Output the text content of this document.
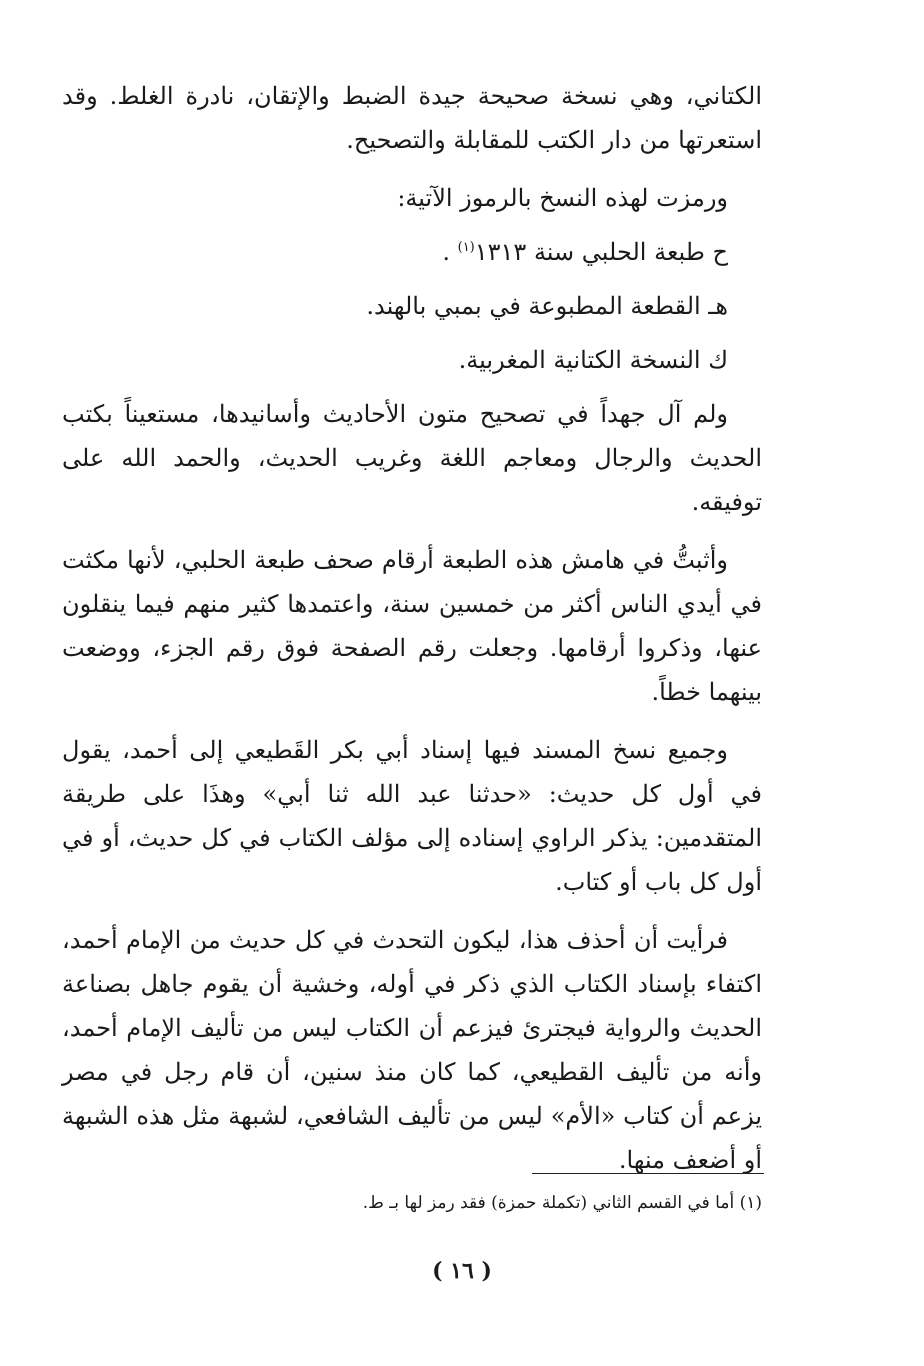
الكتاني، وهي نسخة صحيحة جيدة الضبط والإتقان، نادرة الغلط. وقد استعرتها من دار الكتب للمقابلة والتصحيح.

ورمزت لهذه النسخ بالرموز الآتية:

ح طبعة الحلبي سنة ١٣١٣$^{(١)}$ .

هـ القطعة المطبوعة في بمبي بالهند.

ك النسخة الكتانية المغربية.

ولم آل جهداً في تصحيح متون الأحاديث وأسانيدها، مستعيناً بكتب الحديث والرجال ومعاجم اللغة وغريب الحديث، والحمد الله على توفيقه.

وأثبتُّ في هامش هذه الطبعة أرقام صحف طبعة الحلبي، لأنها مكثت في أيدي الناس أكثر من خمسين سنة، واعتمدها كثير منهم فيما ينقلون عنها، وذكروا أرقامها. وجعلت رقم الصفحة فوق رقم الجزء، ووضعت بينهما خطاً.

وجميع نسخ المسند فيها إسناد أبي بكر القَطيعي إلى أحمد، يقول في أول كل حديث: «حدثنا عبد الله ثنا أبي» وهذَا على طريقة المتقدمين: يذكر الراوي إسناده إلى مؤلف الكتاب في كل حديث، أو في أول كل باب أو كتاب.

فرأيت أن أحذف هذا، ليكون التحدث في كل حديث من الإمام أحمد، اكتفاء بإسناد الكتاب الذي ذكر في أوله، وخشية أن يقوم جاهل بصناعة الحديث والرواية فيجترئ فيزعم أن الكتاب ليس من تأليف الإمام أحمد، وأنه من تأليف القطيعي، كما كان منذ سنين، أن قام رجل في مصر يزعم أن كتاب «الأم» ليس من تأليف الشافعي، لشبهة مثل هذه الشبهة أو أضعف منها.

(١) أما في القسم الثاني (تكملة حمزة) فقد رمز لها بـ ط.
( ١٦ )
